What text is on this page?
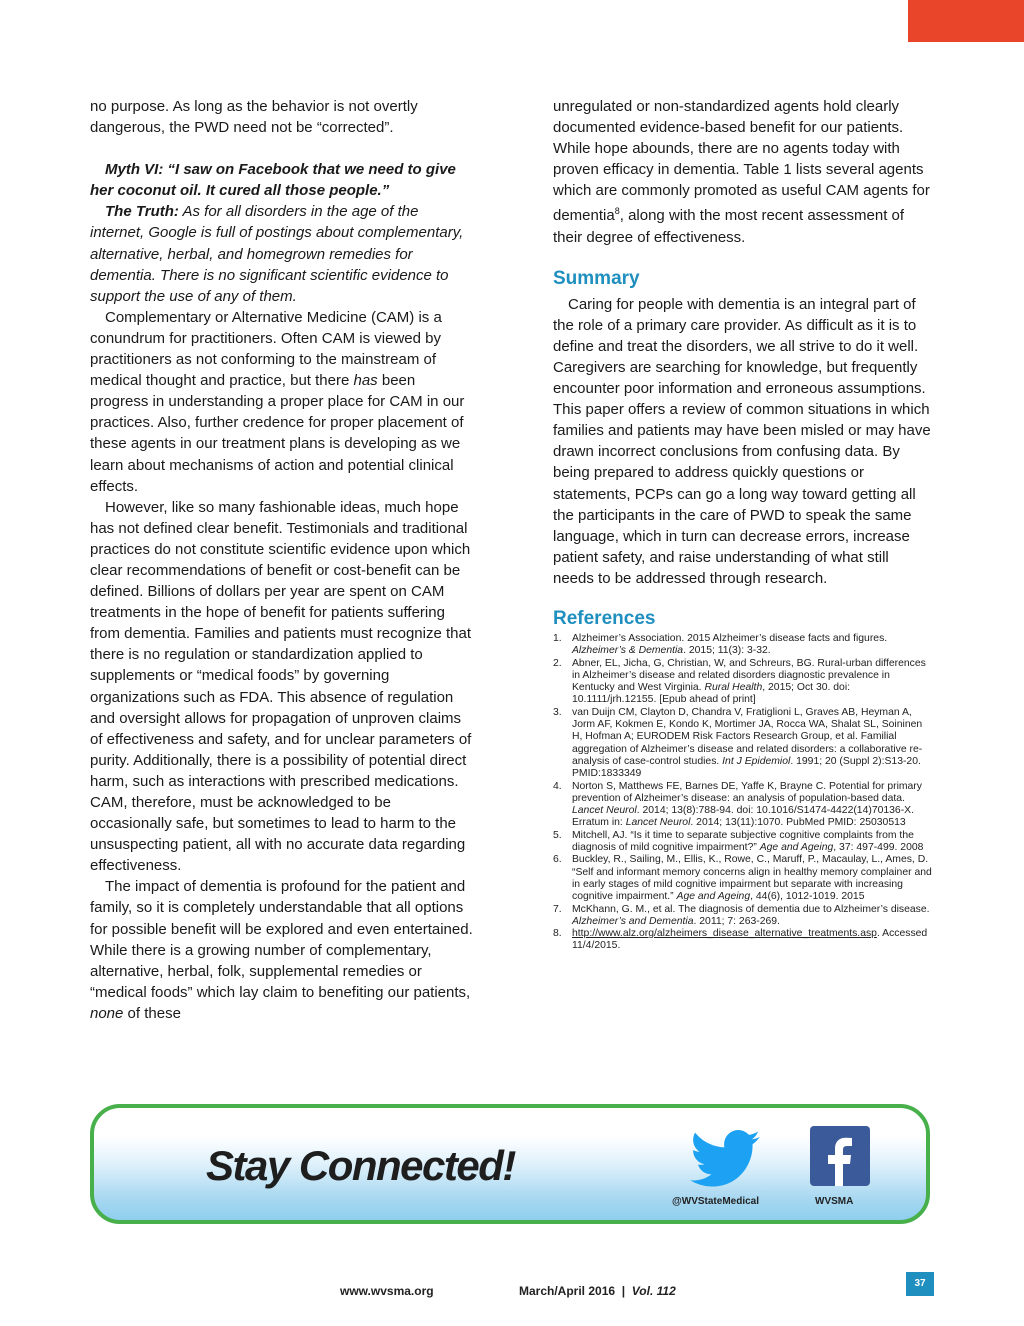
no purpose. As long as the behavior is not overtly dangerous, the PWD need not be “corrected”.

Myth VI: “I saw on Facebook that we need to give her coconut oil. It cured all those people.”

The Truth: As for all disorders in the age of the internet, Google is full of postings about complementary, alternative, herbal, and homegrown remedies for dementia. There is no significant scientific evidence to support the use of any of them.

Complementary or Alternative Medicine (CAM) is a conundrum for practitioners. Often CAM is viewed by practitioners as not conforming to the mainstream of medical thought and practice, but there has been progress in understanding a proper place for CAM in our practices. Also, further credence for proper placement of these agents in our treatment plans is developing as we learn about mechanisms of action and potential clinical effects.

However, like so many fashionable ideas, much hope has not defined clear benefit. Testimonials and traditional practices do not constitute scientific evidence upon which clear recommendations of benefit or cost-benefit can be defined. Billions of dollars per year are spent on CAM treatments in the hope of benefit for patients suffering from dementia. Families and patients must recognize that there is no regulation or standardization applied to supplements or “medical foods” by governing organizations such as FDA. This absence of regulation and oversight allows for propagation of unproven claims of effectiveness and safety, and for unclear parameters of purity. Additionally, there is a possibility of potential direct harm, such as interactions with prescribed medications. CAM, therefore, must be acknowledged to be occasionally safe, but sometimes to lead to harm to the unsuspecting patient, all with no accurate data regarding effectiveness.

The impact of dementia is profound for the patient and family, so it is completely understandable that all options for possible benefit will be explored and even entertained. While there is a growing number of complementary, alternative, herbal, folk, supplemental remedies or “medical foods” which lay claim to benefiting our patients, none of these

unregulated or non-standardized agents hold clearly documented evidence-based benefit for our patients. While hope abounds, there are no agents today with proven efficacy in dementia. Table 1 lists several agents which are commonly promoted as useful CAM agents for dementia$^8$, along with the most recent assessment of their degree of effectiveness.

Summary

Caring for people with dementia is an integral part of the role of a primary care provider. As difficult as it is to define and treat the disorders, we all strive to do it well. Caregivers are searching for knowledge, but frequently encounter poor information and erroneous assumptions. This paper offers a review of common situations in which families and patients may have been misled or may have drawn incorrect conclusions from confusing data. By being prepared to address quickly questions or statements, PCPs can go a long way toward getting all the participants in the care of PWD to speak the same language, which in turn can decrease errors, increase patient safety, and raise understanding of what still needs to be addressed through research.

References
1. Alzheimer’s Association. 2015 Alzheimer’s disease facts and figures. Alzheimer’s & Dementia. 2015; 11(3): 3-32.
2. Abner, EL, Jicha, G, Christian, W, and Schreurs, BG. Rural-urban differences in Alzheimer’s disease and related disorders diagnostic prevalence in Kentucky and West Virginia. Rural Health, 2015; Oct 30. doi: 10.1111/jrh.12155. [Epub ahead of print]
3. van Duijn CM, Clayton D, Chandra V, Fratiglioni L, Graves AB, Heyman A, Jorm AF, Kokmen E, Kondo K, Mortimer JA, Rocca WA, Shalat SL, Soininen H, Hofman A; EURODEM Risk Factors Research Group, et al. Familial aggregation of Alzheimer’s disease and related disorders: a collaborative re-analysis of case-control studies. Int J Epidemiol. 1991; 20 (Suppl 2):S13-20. PMID:1833349
4. Norton S, Matthews FE, Barnes DE, Yaffe K, Brayne C. Potential for primary prevention of Alzheimer’s disease: an analysis of population-based data. Lancet Neurol. 2014; 13(8):788-94. doi: 10.1016/S1474-4422(14)70136-X. Erratum in: Lancet Neurol. 2014; 13(11):1070. PubMed PMID: 25030513
5. Mitchell, AJ. “Is it time to separate subjective cognitive complaints from the diagnosis of mild cognitive impairment?” Age and Ageing, 37: 497-499. 2008
6. Buckley, R., Sailing, M., Ellis, K., Rowe, C., Maruff, P., Macaulay, L., Ames, D. “Self and informant memory concerns align in healthy memory complainer and in early stages of mild cognitive impairment but separate with increasing cognitive impairment.” Age and Ageing, 44(6), 1012-1019. 2015
7. McKhann, G. M., et al. The diagnosis of dementia due to Alzheimer’s disease. Alzheimer’s and Dementia. 2011; 7: 263-269.
8. http://www.alz.org/alzheimers_disease_alternative_treatments.asp. Accessed 11/4/2015.
Stay Connected!
@WVStateMedical	WVSMA
www.wvsma.org	March/April 2016  |  Vol. 112
37
